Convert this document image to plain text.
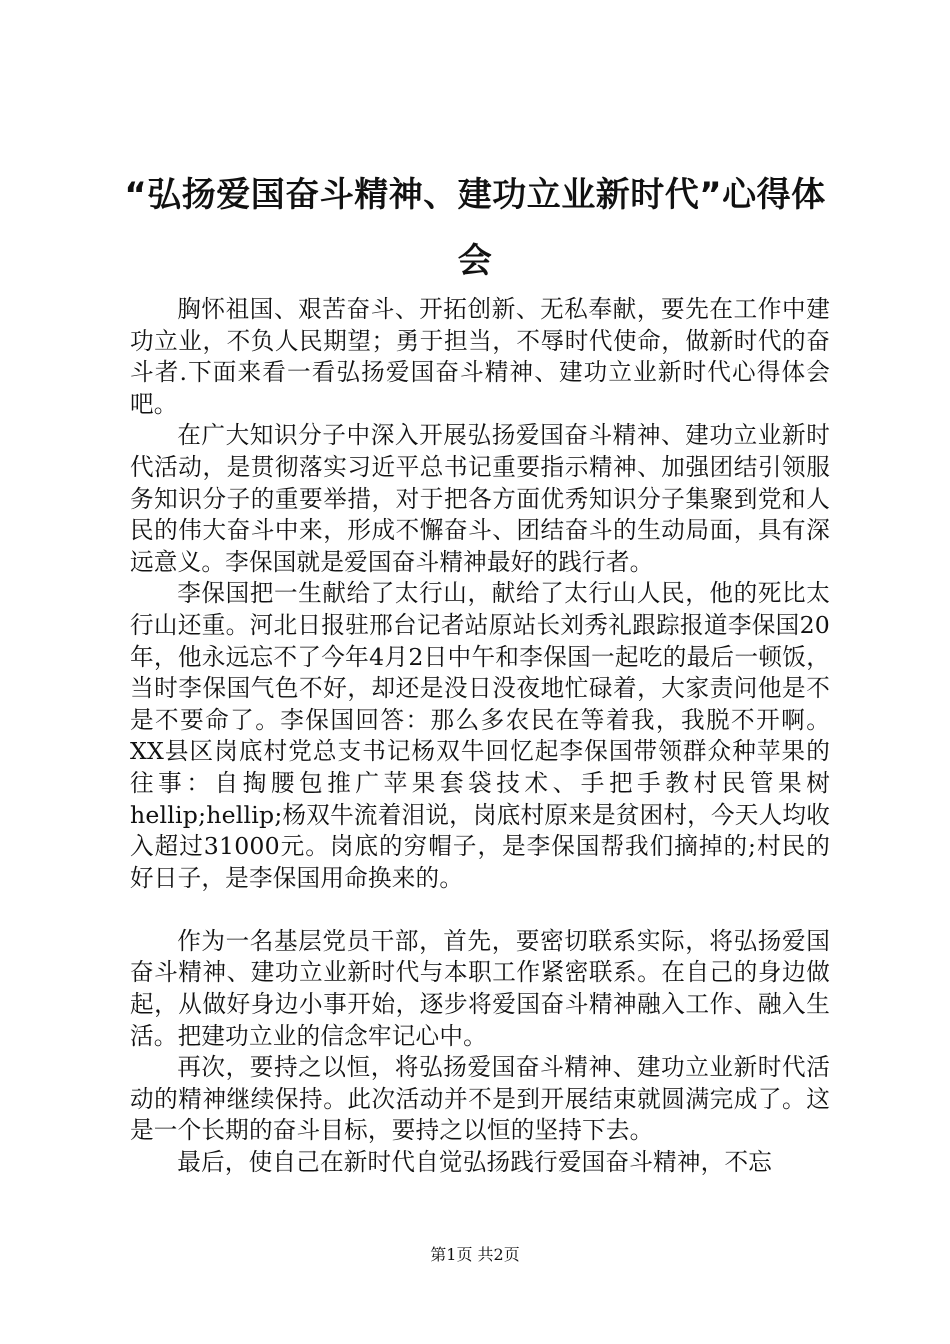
“弘扬爱国奋斗精神、建功立业新时代”心得体会

胸怀祖国、艰苦奋斗、开拓创新、无私奉献，要先在工作中建功立业，不负人民期望；勇于担当，不辱时代使命，做新时代的奋斗者.下面来看一看弘扬爱国奋斗精神、建功立业新时代心得体会吧。

在广大知识分子中深入开展弘扬爱国奋斗精神、建功立业新时代活动，是贯彻落实习近平总书记重要指示精神、加强团结引领服务知识分子的重要举措，对于把各方面优秀知识分子集聚到党和人民的伟大奋斗中来，形成不懈奋斗、团结奋斗的生动局面，具有深远意义。李保国就是爱国奋斗精神最好的践行者。

李保国把一生献给了太行山，献给了太行山人民，他的死比太行山还重。河北日报驻邢台记者站原站长刘秀礼跟踪报道李保国20年，他永远忘不了今年4月2日中午和李保国一起吃的最后一顿饭，当时李保国气色不好，却还是没日没夜地忙碌着，大家责问他是不是不要命了。李保国回答：那么多农民在等着我，我脱不开啊。XX县区岗底村党总支书记杨双牛回忆起李保国带领群众种苹果的往事：自掏腰包推广苹果套袋技术、手把手教村民管果树hellip;hellip;杨双牛流着泪说，岗底村原来是贫困村，今天人均收入超过31000元。岗底的穷帽子，是李保国帮我们摘掉的;村民的好日子，是李保国用命换来的。

作为一名基层党员干部，首先，要密切联系实际，将弘扬爱国奋斗精神、建功立业新时代与本职工作紧密联系。在自己的身边做起，从做好身边小事开始，逐步将爱国奋斗精神融入工作、融入生活。把建功立业的信念牢记心中。

再次，要持之以恒，将弘扬爱国奋斗精神、建功立业新时代活动的精神继续保持。此次活动并不是到开展结束就圆满完成了。这是一个长期的奋斗目标，要持之以恒的坚持下去。

最后，使自己在新时代自觉弘扬践行爱国奋斗精神，不忘

第1页 共2页
